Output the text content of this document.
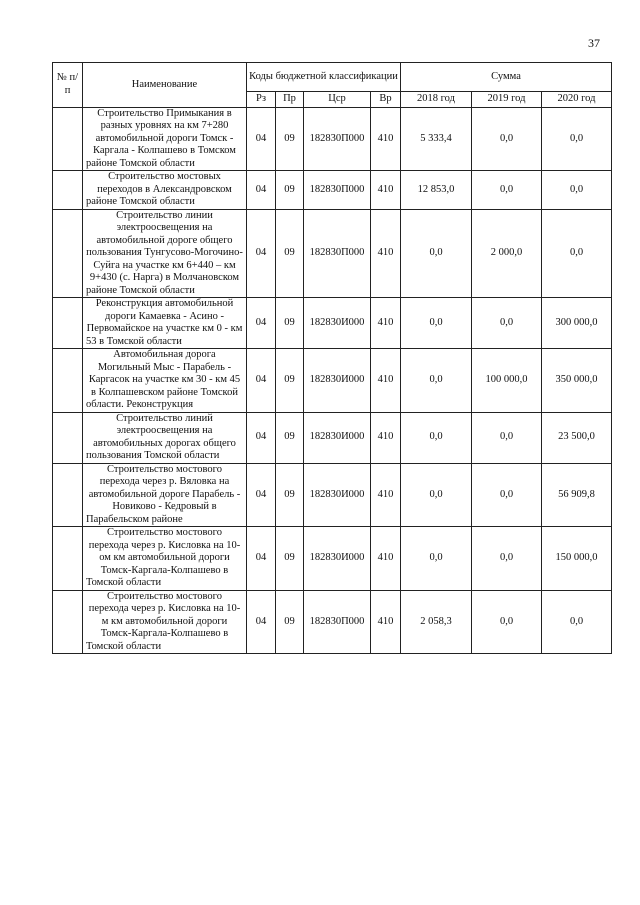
37
№ п/п	Наименование	Коды бюджетной классификации				Сумма		
		Рз	Пр	Цср	Вр	2018 год	2019 год	2020 год
	Строительство Примыкания в разных уровнях на км 7+280 автомобильной дороги Томск - Каргала - Колпашево в Томском районе Томской области	04	09	182830П000	410	5 333,4	0,0	0,0
	Строительство мостовых переходов в Александровском районе Томской области	04	09	182830П000	410	12 853,0	0,0	0,0
	Строительство линии электроосвещения на автомобильной дороге общего пользования Тунгусово-Могочино-Суйга на участке км 6+440 – км 9+430 (с. Нарга) в Молчановском районе Томской области	04	09	182830П000	410	0,0	2 000,0	0,0
	Реконструкция автомобильной дороги Камаевка - Асино - Первомайское на участке км 0 - км 53 в Томской области	04	09	182830И000	410	0,0	0,0	300 000,0
	Автомобильная дорога Могильный Мыс - Парабель - Каргасок на участке км 30 - км 45 в Колпашевском районе Томской области. Реконструкция	04	09	182830И000	410	0,0	100 000,0	350 000,0
	Строительство линий электроосвещения на автомобильных дорогах общего пользования Томской области	04	09	182830И000	410	0,0	0,0	23 500,0
	Строительство мостового перехода через р. Вяловка на автомобильной дороге Парабель - Новиково - Кедровый в Парабельском районе	04	09	182830И000	410	0,0	0,0	56 909,8
	Строительство мостового перехода через р. Кисловка на 10-ом км автомобильной дороги Томск-Каргала-Колпашево в Томской области	04	09	182830И000	410	0,0	0,0	150 000,0
	Строительство мостового перехода через р. Кисловка на 10-м км автомобильной дороги Томск-Каргала-Колпашево в Томской области	04	09	182830П000	410	2 058,3	0,0	0,0
